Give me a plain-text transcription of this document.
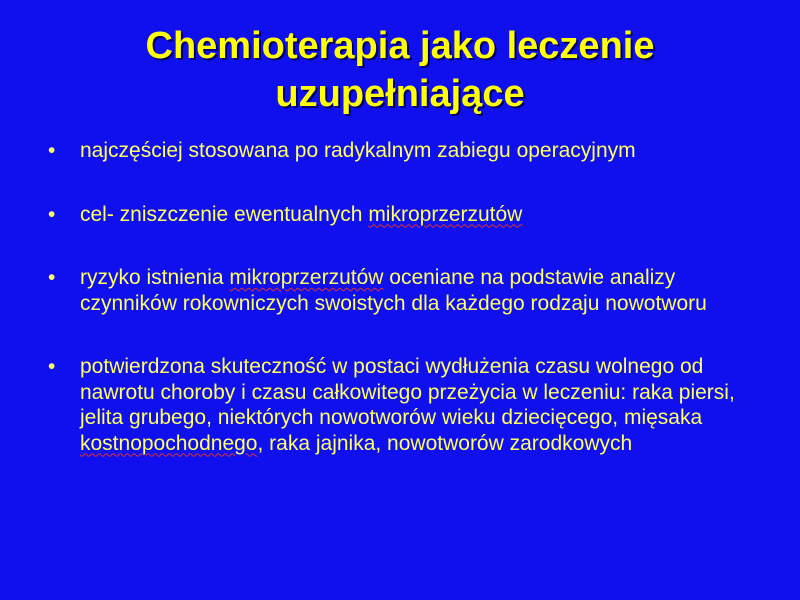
Chemioterapia jako leczenie
uzupełniające
•	najczęściej stosowana po radykalnym zabiegu operacyjnym
•	cel- zniszczenie ewentualnych mikroprzerzutów
•	ryzyko istnienia mikroprzerzutów oceniane na podstawie analizy czynników rokowniczych swoistych dla każdego rodzaju nowotworu
•	potwierdzona skuteczność w postaci wydłużenia czasu wolnego od nawrotu choroby i czasu całkowitego przeżycia w leczeniu: raka piersi, jelita grubego, niektórych nowotworów wieku dziecięcego, mięsaka kostnopochodnego, raka jajnika, nowotworów zarodkowych
